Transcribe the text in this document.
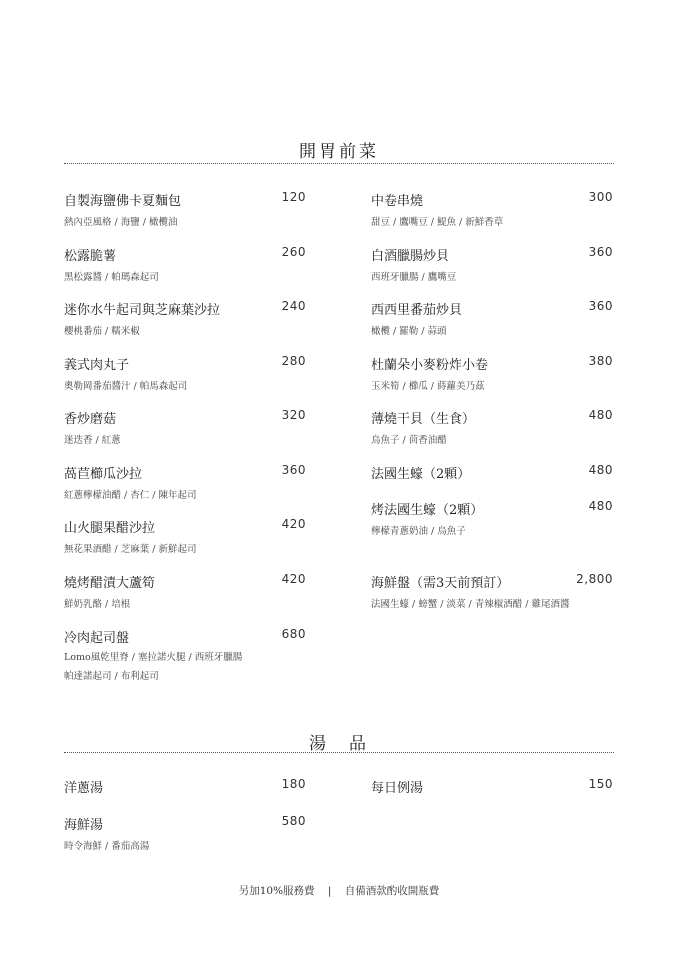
開胃前菜
自製海鹽佛卡夏麵包	120
熱內亞風格 / 海鹽 / 橄欖油
松露脆薯	260
黑松露醬 / 帕瑪森起司
迷你水牛起司與芝麻葉沙拉	240
櫻桃番茄 / 糯米椒
義式肉丸子	280
奧勒岡番茄醬汁 / 帕馬森起司
香炒磨菇	320
迷迭香 / 紅蔥
萵苣櫛瓜沙拉	360
紅蔥檸檬油醋 / 杏仁 / 陳年起司
山火腿果醋沙拉	420
無花果酒醋 / 芝麻葉 / 新鮮起司
燒烤醋漬大蘆筍	420
鮮奶乳酪 / 培根
冷肉起司盤	680
Lomo風乾里脊 / 塞拉諾火腿 / 西班牙臘腸
帕達諾起司 / 布利起司
中卷串燒	300
甜豆 / 鷹嘴豆 / 鯷魚 / 新鮮香草
白酒臘腸炒貝	360
西班牙臘腸 / 鷹嘴豆
西西里番茄炒貝	360
橄欖 / 羅勒 / 蒜頭
杜蘭朵小麥粉炸小卷	380
玉米筍 / 櫛瓜 / 蒔蘿美乃茲
薄燒干貝（生食）	480
烏魚子 / 茴香油醋
法國生蠔（2顆）	480
烤法國生蠔（2顆）	480
檸檬青蔥奶油 / 烏魚子
海鮮盤（需3天前預訂）	2,800
法國生蠔 / 螃蟹 / 淡菜 / 青辣椒酒醋 / 雞尾酒醬
湯　品
洋蔥湯	180
海鮮湯	580
時令海鮮 / 番茄高湯
每日例湯	150
另加10%服務費 | 自備酒款酌收開瓶費
